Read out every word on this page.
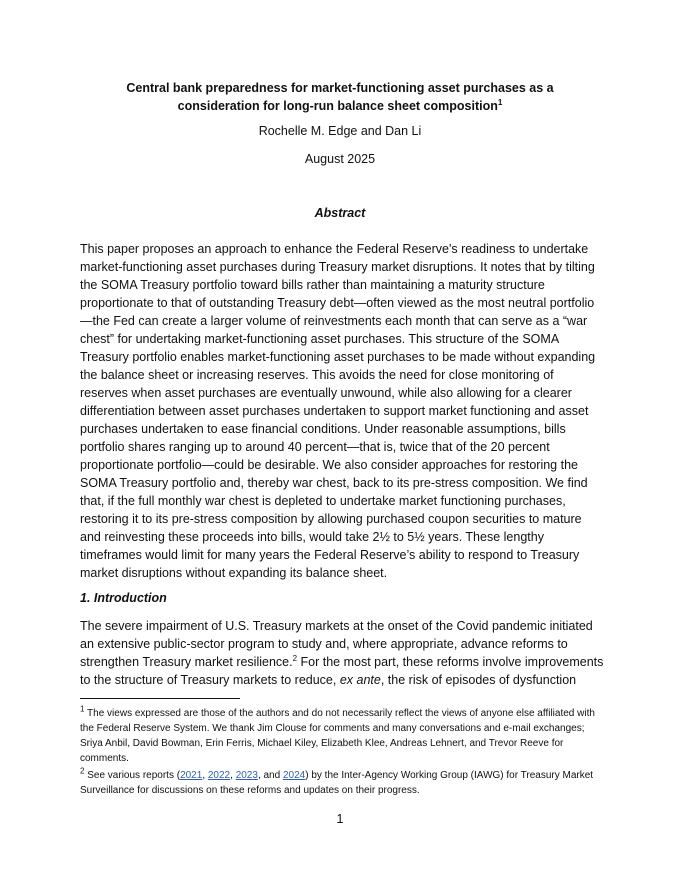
Central bank preparedness for market-functioning asset purchases as a consideration for long-run balance sheet composition$^1$
Rochelle M. Edge and Dan Li
August 2025
Abstract
This paper proposes an approach to enhance the Federal Reserve's readiness to undertake market-functioning asset purchases during Treasury market disruptions. It notes that by tilting the SOMA Treasury portfolio toward bills rather than maintaining a maturity structure proportionate to that of outstanding Treasury debt—often viewed as the most neutral portfolio—the Fed can create a larger volume of reinvestments each month that can serve as a “war chest” for undertaking market-functioning asset purchases. This structure of the SOMA Treasury portfolio enables market-functioning asset purchases to be made without expanding the balance sheet or increasing reserves. This avoids the need for close monitoring of reserves when asset purchases are eventually unwound, while also allowing for a clearer differentiation between asset purchases undertaken to support market functioning and asset purchases undertaken to ease financial conditions. Under reasonable assumptions, bills portfolio shares ranging up to around 40 percent—that is, twice that of the 20 percent proportionate portfolio—could be desirable. We also consider approaches for restoring the SOMA Treasury portfolio and, thereby war chest, back to its pre-stress composition. We find that, if the full monthly war chest is depleted to undertake market functioning purchases, restoring it to its pre-stress composition by allowing purchased coupon securities to mature and reinvesting these proceeds into bills, would take 2½ to 5½ years. These lengthy timeframes would limit for many years the Federal Reserve’s ability to respond to Treasury market disruptions without expanding its balance sheet.
1. Introduction
The severe impairment of U.S. Treasury markets at the onset of the Covid pandemic initiated an extensive public-sector program to study and, where appropriate, advance reforms to strengthen Treasury market resilience.$^2$ For the most part, these reforms involve improvements to the structure of Treasury markets to reduce, ex ante, the risk of episodes of dysfunction
$^1$ The views expressed are those of the authors and do not necessarily reflect the views of anyone else affiliated with the Federal Reserve System. We thank Jim Clouse for comments and many conversations and e-mail exchanges; Sriya Anbil, David Bowman, Erin Ferris, Michael Kiley, Elizabeth Klee, Andreas Lehnert, and Trevor Reeve for comments.
$^2$ See various reports (2021, 2022, 2023, and 2024) by the Inter-Agency Working Group (IAWG) for Treasury Market Surveillance for discussions on these reforms and updates on their progress.
1
